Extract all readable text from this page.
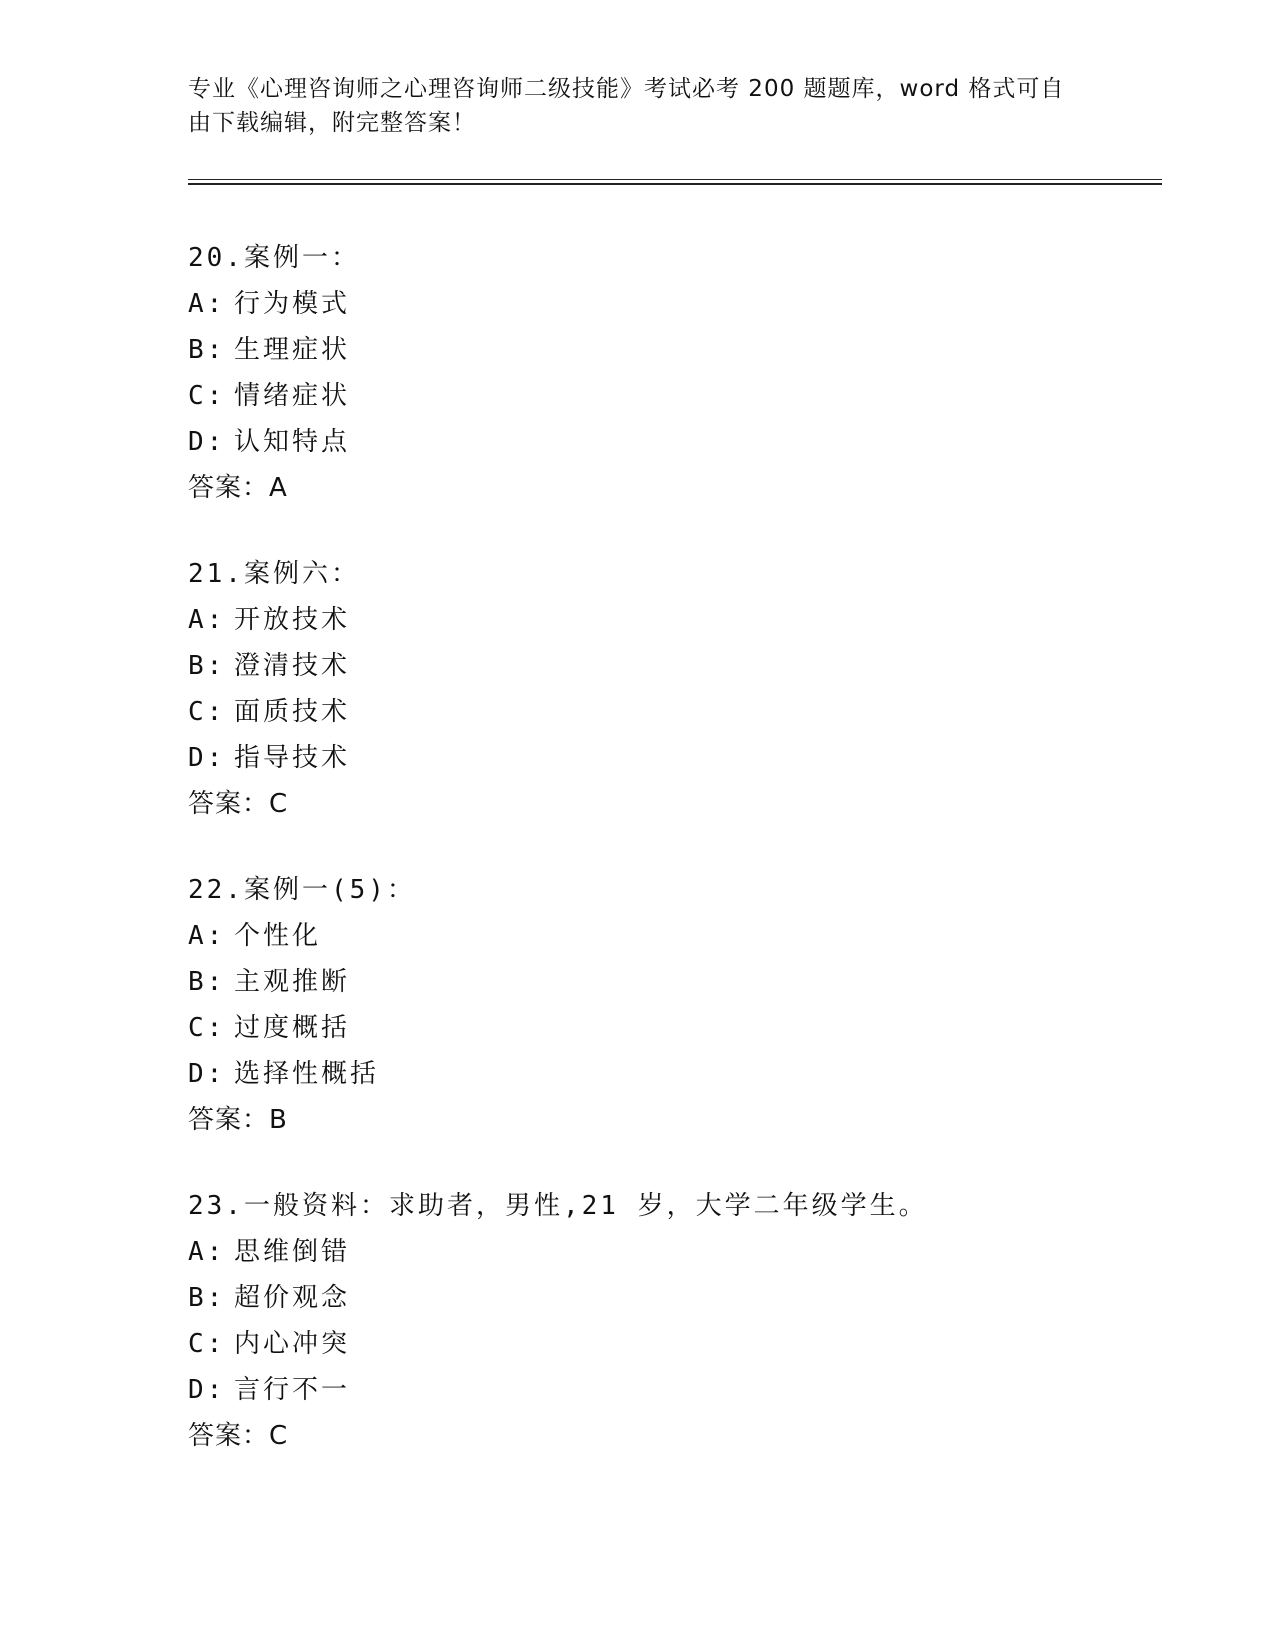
专业《心理咨询师之心理咨询师二级技能》考试必考 200 题题库，word 格式可自
由下载编辑，附完整答案！
20.案例一：
A: 行为模式
B: 生理症状
C: 情绪症状
D: 认知特点
答案：A
21.案例六：
A: 开放技术
B: 澄清技术
C: 面质技术
D: 指导技术
答案：C
22.案例一(5)：
A: 个性化
B: 主观推断
C: 过度概括
D: 选择性概括
答案：B
23.一般资料：求助者，男性,21 岁，大学二年级学生。
A: 思维倒错
B: 超价观念
C: 内心冲突
D: 言行不一
答案：C
